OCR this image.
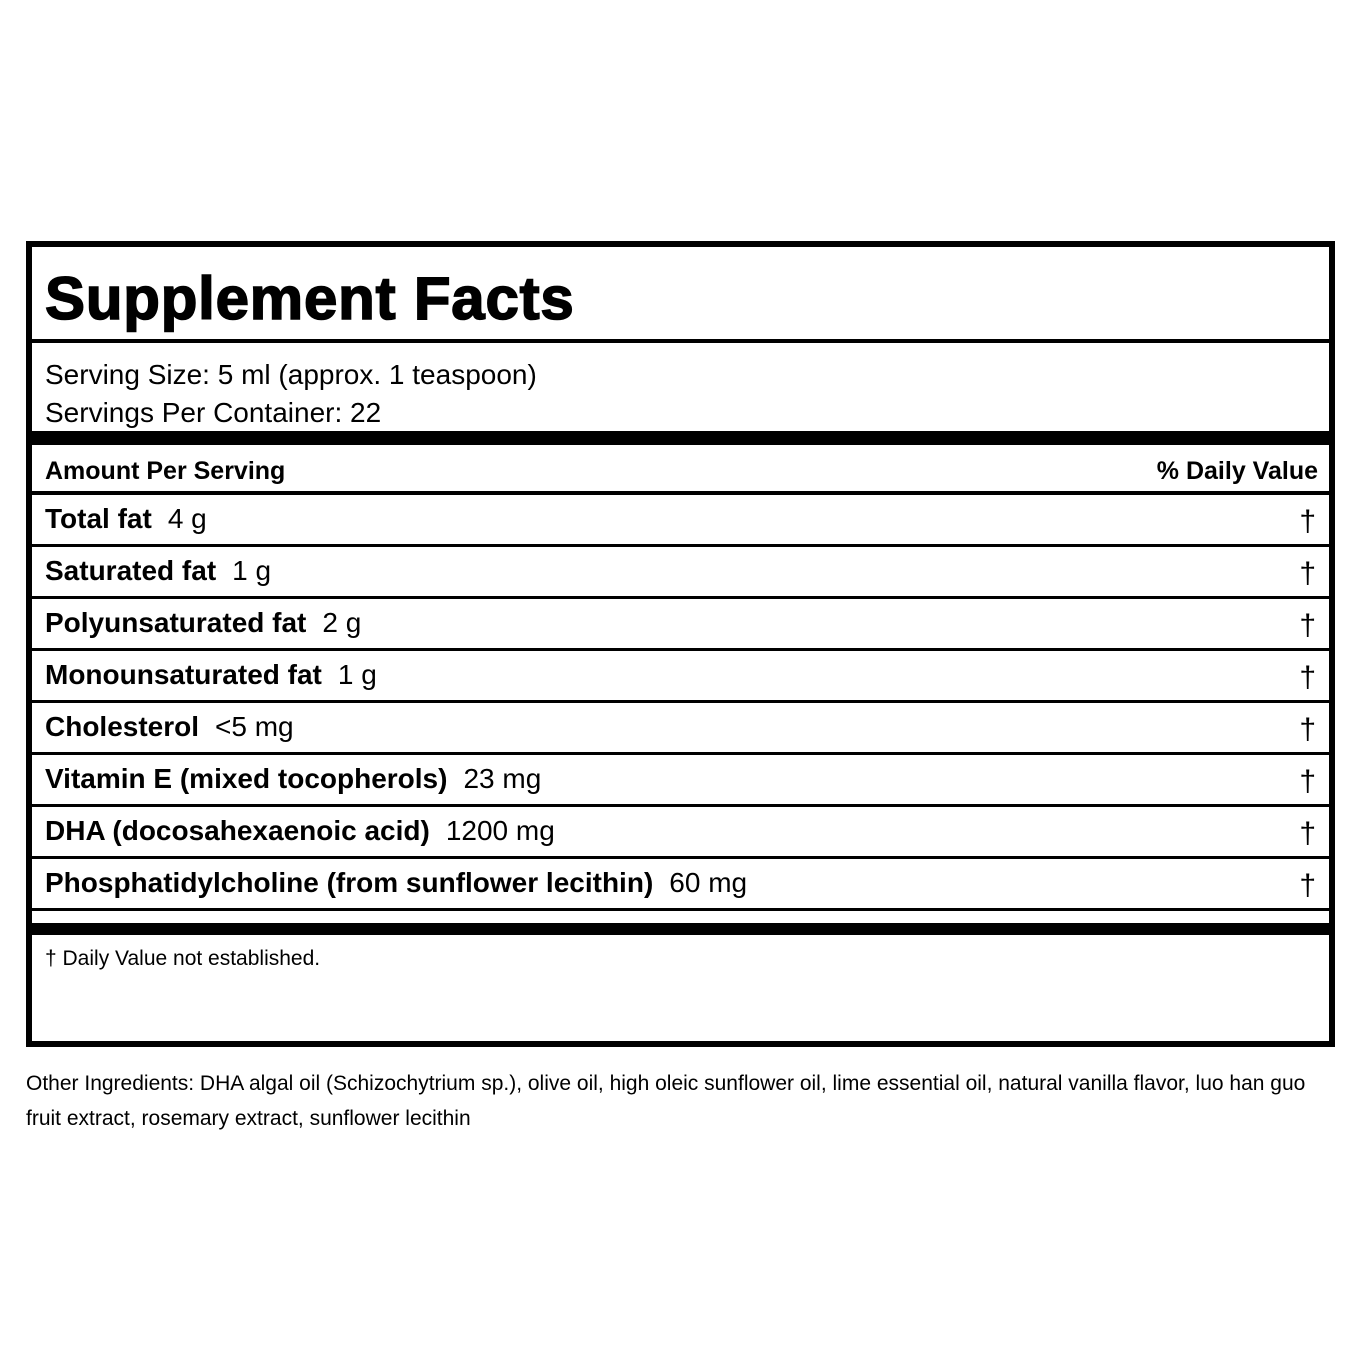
Supplement Facts
Serving Size: 5 ml (approx. 1 teaspoon)
Servings Per Container: 22
Amount Per Serving	% Daily Value
Total fat 4 g	†
Saturated fat 1 g	†
Polyunsaturated fat 2 g	†
Monounsaturated fat 1 g	†
Cholesterol <5 mg	†
Vitamin E (mixed tocopherols) 23 mg	†
DHA (docosahexaenoic acid) 1200 mg	†
Phosphatidylcholine (from sunflower lecithin) 60 mg	†
† Daily Value not established.

Other Ingredients: DHA algal oil (Schizochytrium sp.), olive oil, high oleic sunflower oil, lime essential oil, natural vanilla flavor, luo han guo fruit extract, rosemary extract, sunflower lecithin
